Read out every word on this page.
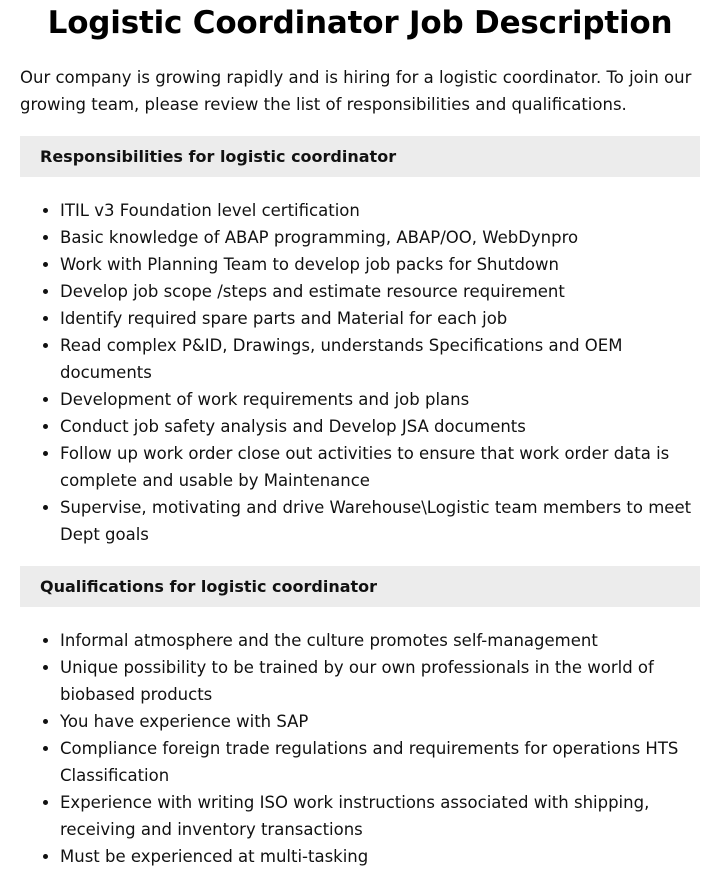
Logistic Coordinator Job Description

Our company is growing rapidly and is hiring for a logistic coordinator. To join our growing team, please review the list of responsibilities and qualifications.

Responsibilities for logistic coordinator
• ITIL v3 Foundation level certification
• Basic knowledge of ABAP programming, ABAP/OO, WebDynpro
• Work with Planning Team to develop job packs for Shutdown
• Develop job scope /steps and estimate resource requirement
• Identify required spare parts and Material for each job
• Read complex P&ID, Drawings, understands Specifications and OEM documents
• Development of work requirements and job plans
• Conduct job safety analysis and Develop JSA documents
• Follow up work order close out activities to ensure that work order data is complete and usable by Maintenance
• Supervise, motivating and drive Warehouse\Logistic team members to meet Dept goals
Qualifications for logistic coordinator
• Informal atmosphere and the culture promotes self-management
• Unique possibility to be trained by our own professionals in the world of biobased products
• You have experience with SAP
• Compliance foreign trade regulations and requirements for operations HTS Classification
• Experience with writing ISO work instructions associated with shipping, receiving and inventory transactions
• Must be experienced at multi-tasking
